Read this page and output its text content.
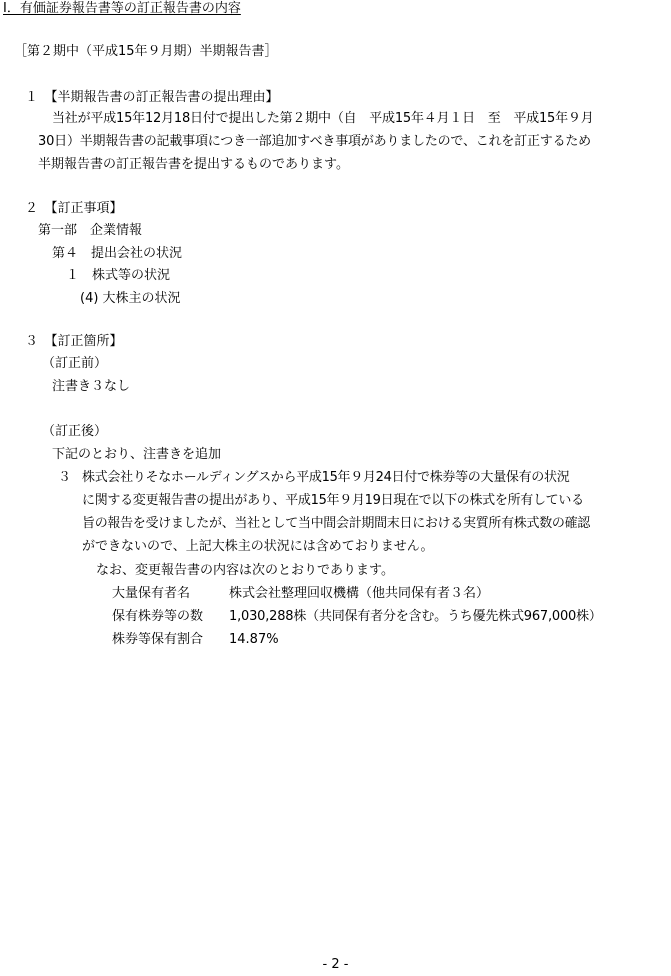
Ⅰ．有価証券報告書等の訂正報告書の内容
［第２期中（平成15年９月期）半期報告書］
１　【半期報告書の訂正報告書の提出理由】
当社が平成15年12月18日付で提出した第２期中（自　平成15年４月１日　至　平成15年９月
30日）半期報告書の記載事項につき一部追加すべき事項がありましたので、これを訂正するため
半期報告書の訂正報告書を提出するものであります。
２　【訂正事項】
第一部　企業情報
第４　提出会社の状況
１　株式等の状況
(4) 大株主の状況
３　【訂正箇所】
（訂正前）
注書き３なし
（訂正後）
下記のとおり、注書きを追加
３ 株式会社りそなホールディングスから平成15年９月24日付で株券等の大量保有の状況
に関する変更報告書の提出があり、平成15年９月19日現在で以下の株式を所有している
旨の報告を受けましたが、当社として当中間会計期間末日における実質所有株式数の確認
ができないので、上記大株主の状況には含めておりません。
なお、変更報告書の内容は次のとおりであります。
大量保有者名	株式会社整理回収機構（他共同保有者３名）
保有株券等の数 1,030,288株（共同保有者分を含む。うち優先株式967,000株）
株券等保有割合 14.87%
- 2 -
